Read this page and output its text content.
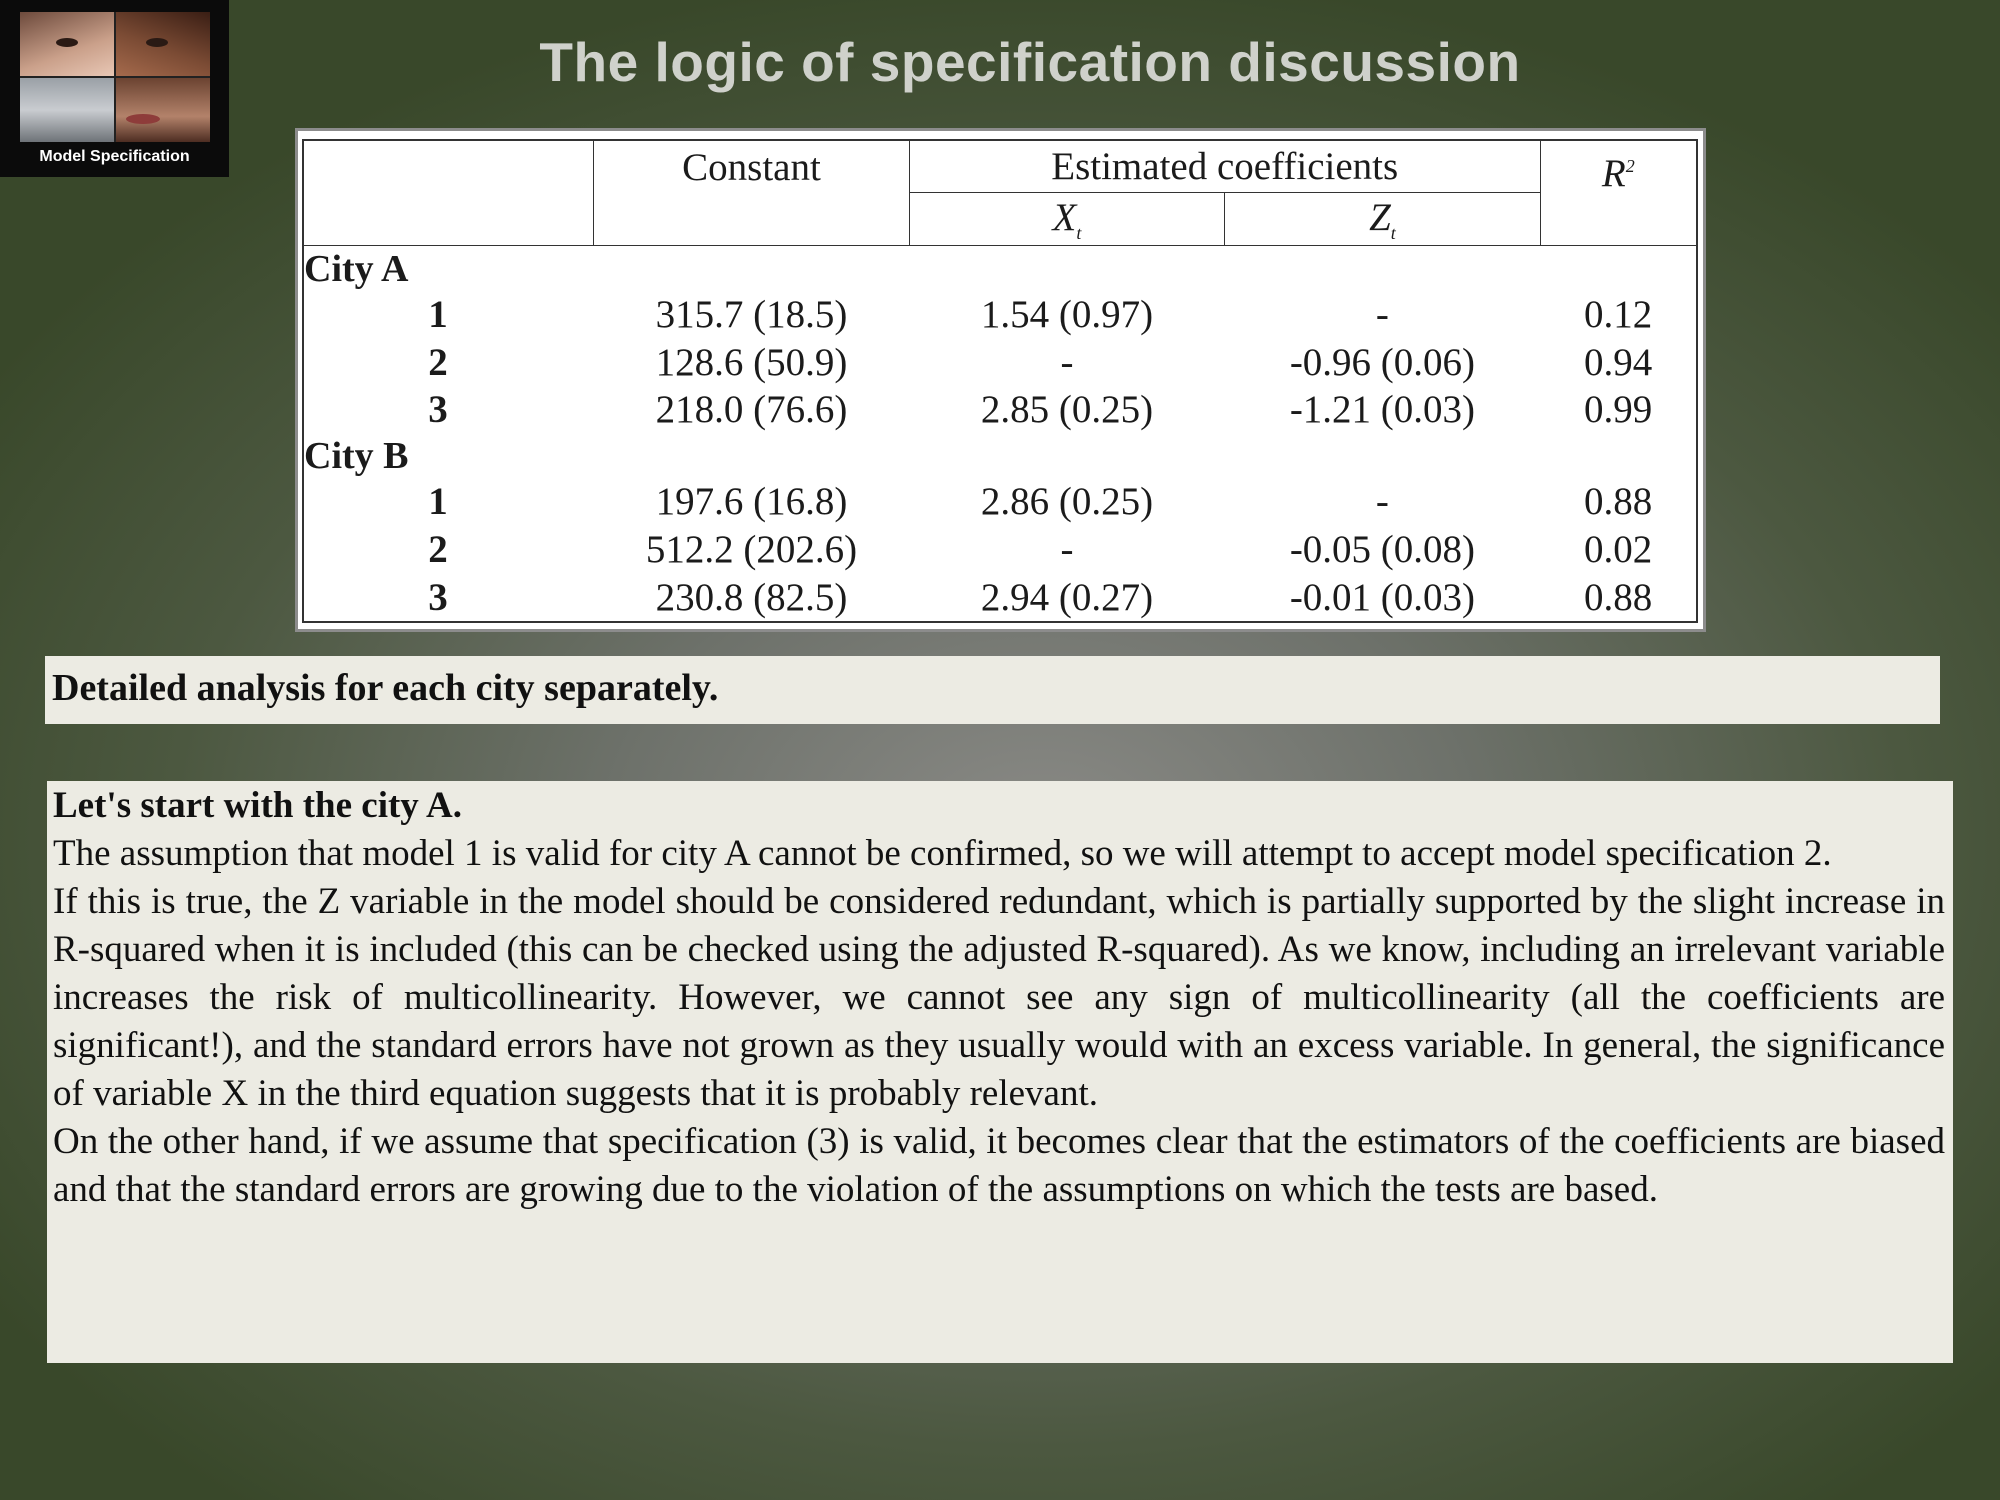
Model Specification
The logic of specification discussion
	Constant	Estimated coefficients		$R^2$
		$X_t$	$Z_t$
City A				
1	315.7 (18.5)	1.54 (0.97)	-	0.12
2	128.6 (50.9)	-	-0.96 (0.06)	0.94
3	218.0 (76.6)	2.85 (0.25)	-1.21 (0.03)	0.99
City B				
1	197.6 (16.8)	2.86 (0.25)	-	0.88
2	512.2 (202.6)	-	-0.05 (0.08)	0.02
3	230.8 (82.5)	2.94 (0.27)	-0.01 (0.03)	0.88
Detailed analysis for each city separately.
Let's start with the city A.

The assumption that model 1 is valid for city A cannot be confirmed, so we will attempt to accept model specification 2.

If this is true, the Z variable in the model should be considered redundant, which is partially supported by the slight increase in R-squared when it is included (this can be checked using the adjusted R-squared). As we know, including an irrelevant variable increases the risk of multicollinearity. However, we cannot see any sign of multicollinearity (all the coefficients are significant!), and the standard errors have not grown as they usually would with an excess variable. In general, the significance of variable X in the third equation suggests that it is probably relevant.

On the other hand, if we assume that specification (3) is valid, it becomes clear that the estimators of the coefficients are biased and that the standard errors are growing due to the violation of the assumptions on which the tests are based.
